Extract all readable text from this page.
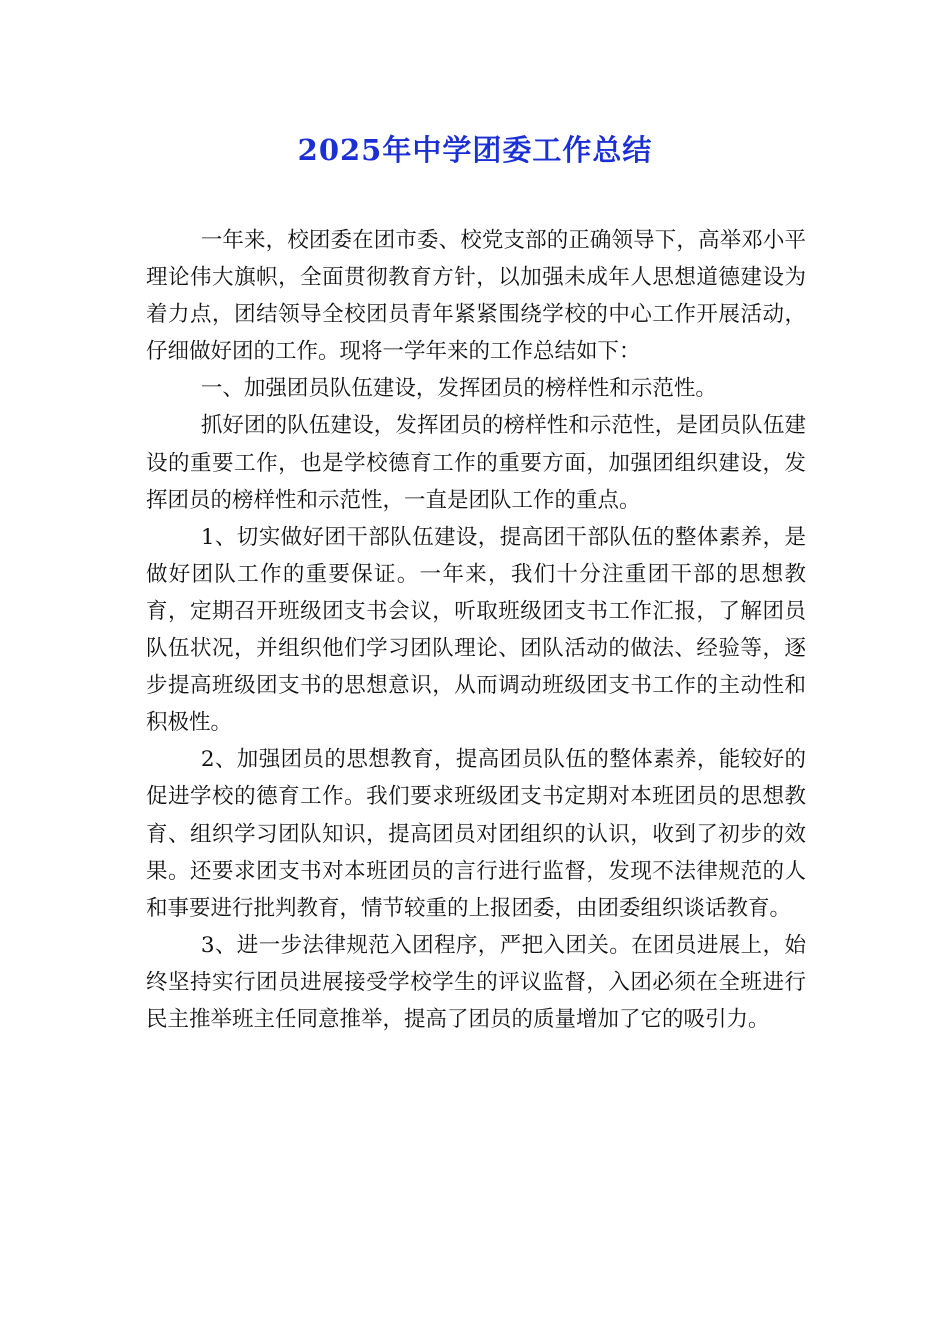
2025年中学团委工作总结

一年来，校团委在团市委、校党支部的正确领导下，高举邓小平理论伟大旗帜，全面贯彻教育方针，以加强未成年人思想道德建设为着力点，团结领导全校团员青年紧紧围绕学校的中心工作开展活动，仔细做好团的工作。现将一学年来的工作总结如下：

一、加强团员队伍建设，发挥团员的榜样性和示范性。

抓好团的队伍建设，发挥团员的榜样性和示范性，是团员队伍建设的重要工作，也是学校德育工作的重要方面，加强团组织建设，发挥团员的榜样性和示范性，一直是团队工作的重点。

1、切实做好团干部队伍建设，提高团干部队伍的整体素养，是做好团队工作的重要保证。一年来，我们十分注重团干部的思想教育，定期召开班级团支书会议，听取班级团支书工作汇报，了解团员队伍状况，并组织他们学习团队理论、团队活动的做法、经验等，逐步提高班级团支书的思想意识，从而调动班级团支书工作的主动性和积极性。

2、加强团员的思想教育，提高团员队伍的整体素养，能较好的促进学校的德育工作。我们要求班级团支书定期对本班团员的思想教育、组织学习团队知识，提高团员对团组织的认识，收到了初步的效果。还要求团支书对本班团员的言行进行监督，发现不法律规范的人和事要进行批判教育，情节较重的上报团委，由团委组织谈话教育。

3、进一步法律规范入团程序，严把入团关。在团员进展上，始终坚持实行团员进展接受学校学生的评议监督，入团必须在全班进行民主推举班主任同意推举，提高了团员的质量增加了它的吸引力。
